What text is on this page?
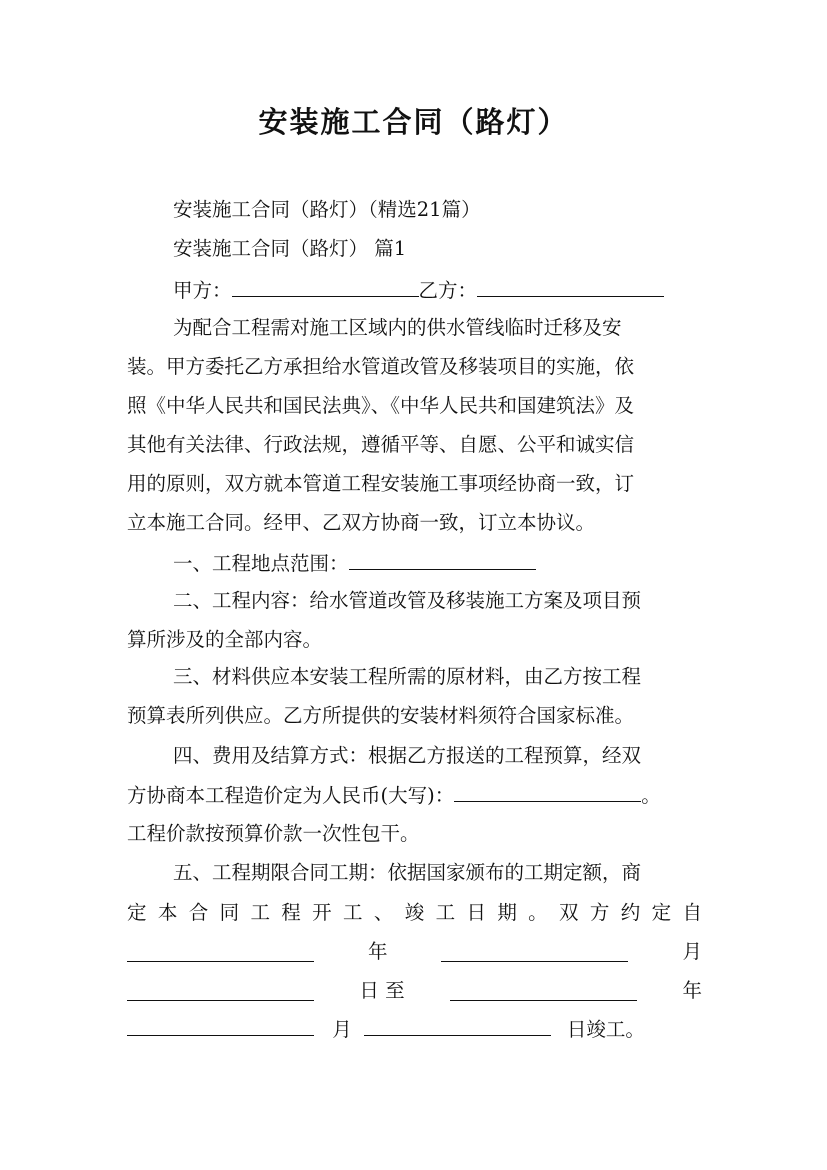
安装施工合同（路灯）
安装施工合同（路灯）（精选21篇）
安装施工合同（路灯） 篇1
甲方：	乙方：
为配合工程需对施工区域内的供水管线临时迁移及安
装。甲方委托乙方承担给水管道改管及移装项目的实施，依
照《中华人民共和国民法典》、《中华人民共和国建筑法》及
其他有关法律、行政法规，遵循平等、自愿、公平和诚实信
用的原则，双方就本管道工程安装施工事项经协商一致，订
立本施工合同。经甲、乙双方协商一致，订立本协议。
一、工程地点范围：
二、工程内容：给水管道改管及移装施工方案及项目预
算所涉及的全部内容。
三、材料供应本安装工程所需的原材料，由乙方按工程
预算表所列供应。乙方所提供的安装材料须符合国家标准。
四、费用及结算方式：根据乙方报送的工程预算，经双
方协商本工程造价定为人民币(大写)：	。
工程价款按预算价款一次性包干。
五、工程期限合同工期：依据国家颁布的工期定额，商
定 本 合 同 工 程 开 工 、 竣 工 日 期 。 双 方 约 定 自
年	月
日 至	年
月	日竣工。
